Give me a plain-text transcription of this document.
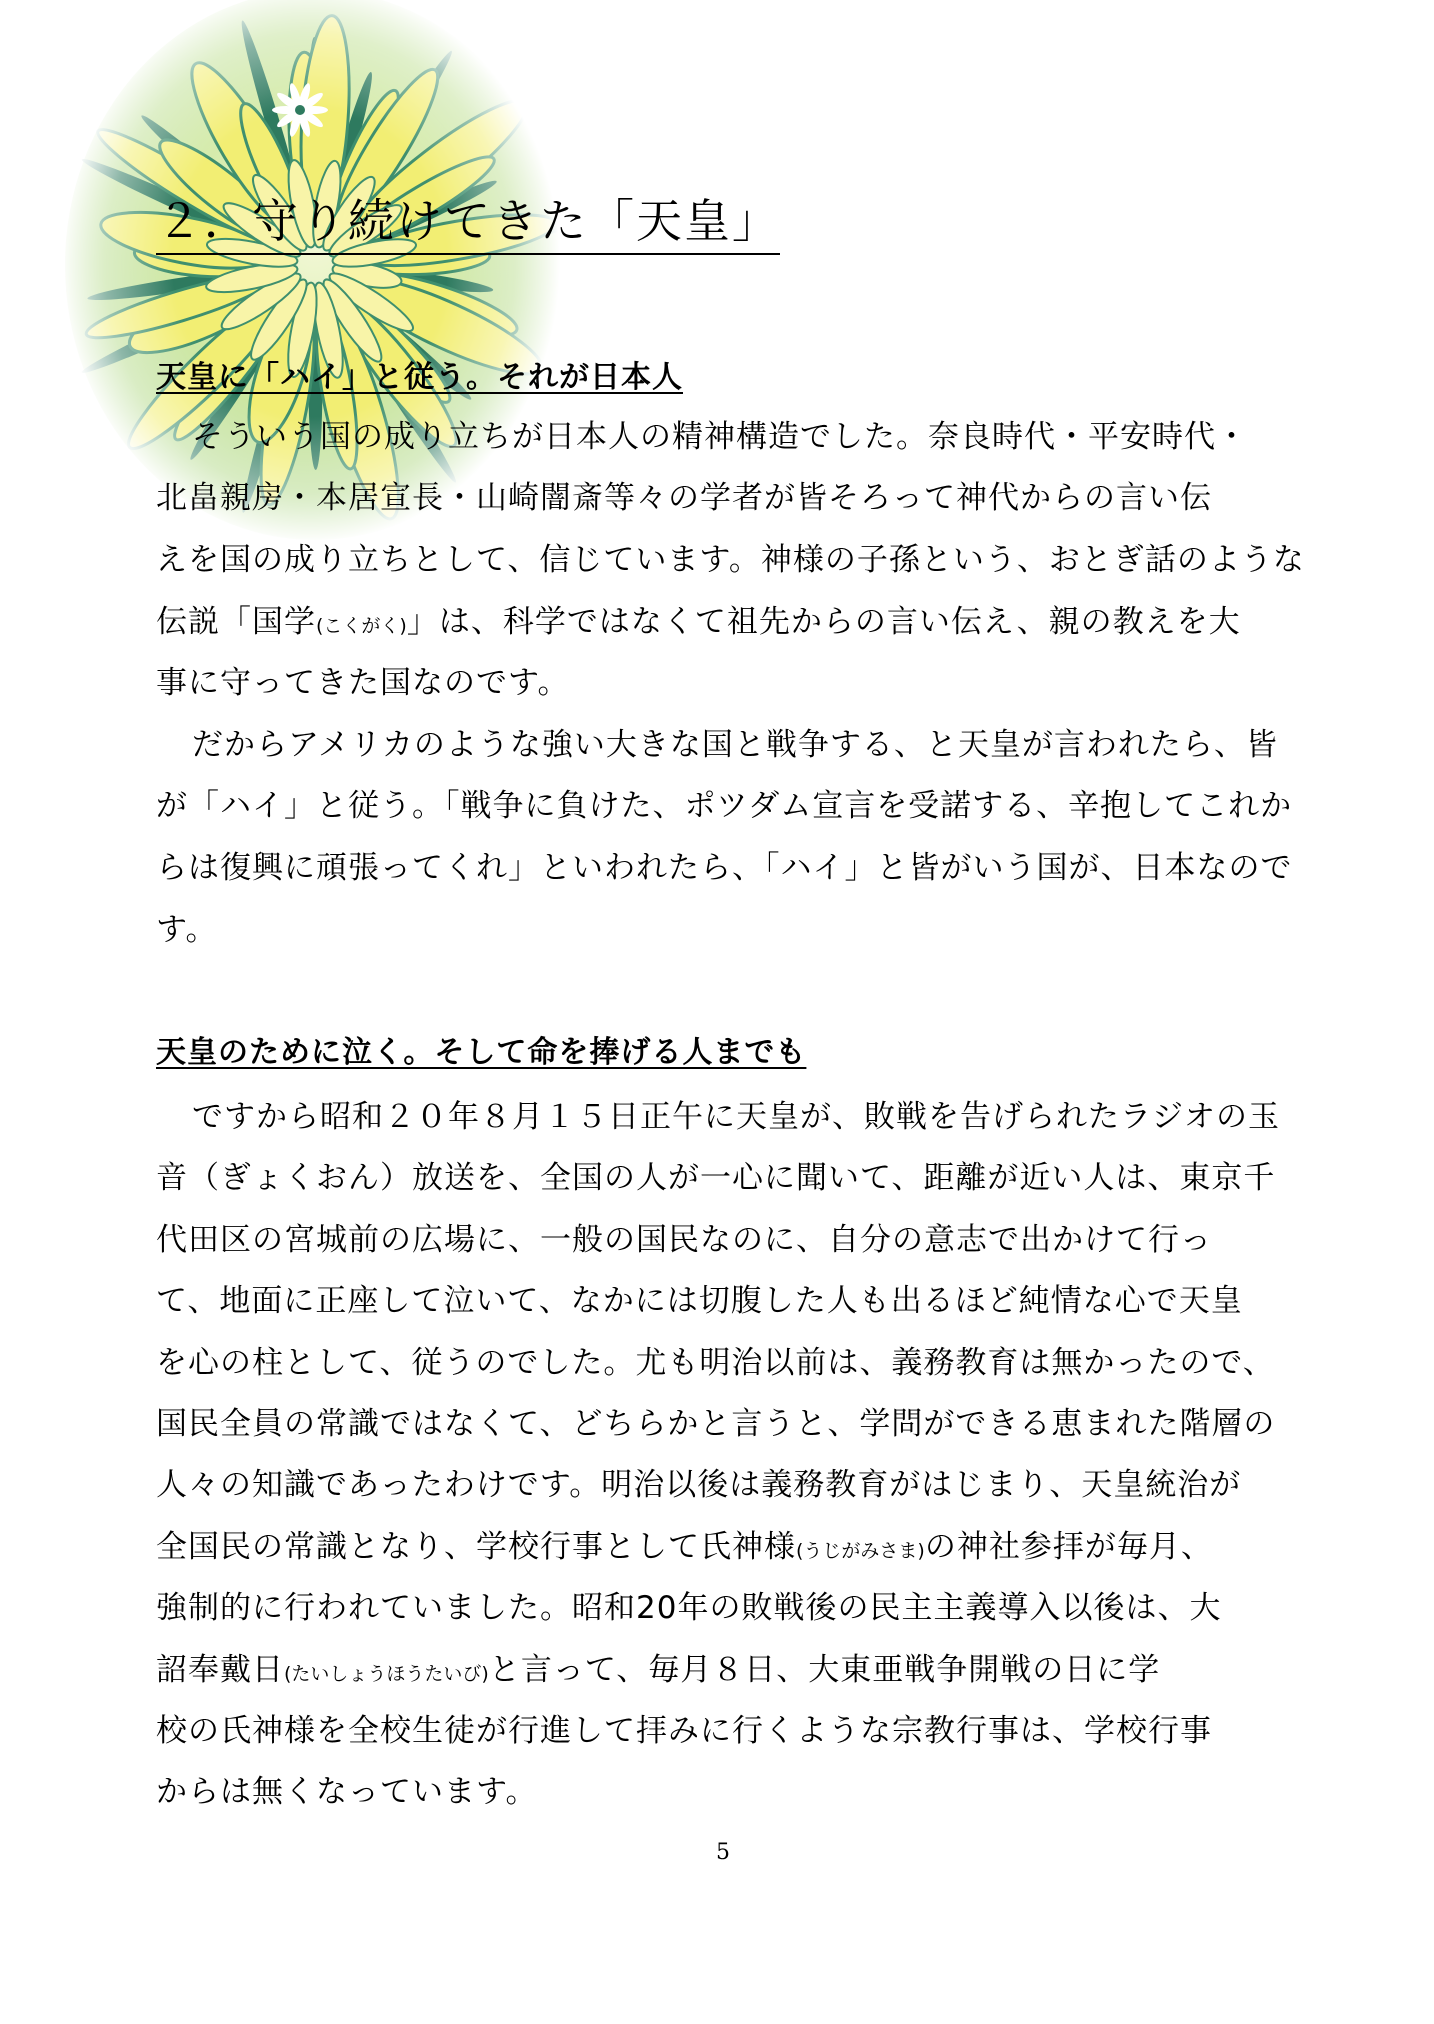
２．守り続けてきた「天皇」
天皇に「ハイ」と従う。それが日本人
そういう国の成り立ちが日本人の精神構造でした。奈良時代・平安時代・
北畠親房・本居宣長・山崎闇斎等々の学者が皆そろって神代からの言い伝
えを国の成り立ちとして、信じています。神様の子孫という、おとぎ話のような
伝説「国学(こくがく)」は、科学ではなくて祖先からの言い伝え、親の教えを大
事に守ってきた国なのです。
だからアメリカのような強い大きな国と戦争する、と天皇が言われたら、皆
が「ハイ」と従う。「戦争に負けた、ポツダム宣言を受諾する、辛抱してこれか
らは復興に頑張ってくれ」といわれたら、「ハイ」と皆がいう国が、日本なので
す。
天皇のために泣く。そして命を捧げる人までも
ですから昭和２０年８月１５日正午に天皇が、敗戦を告げられたラジオの玉
音（ぎょくおん）放送を、全国の人が一心に聞いて、距離が近い人は、東京千
代田区の宮城前の広場に、一般の国民なのに、自分の意志で出かけて行っ
て、地面に正座して泣いて、なかには切腹した人も出るほど純情な心で天皇
を心の柱として、従うのでした。尤も明治以前は、義務教育は無かったので、
国民全員の常識ではなくて、どちらかと言うと、学問ができる恵まれた階層の
人々の知識であったわけです。明治以後は義務教育がはじまり、天皇統治が
全国民の常識となり、学校行事として氏神様(うじがみさま)の神社参拝が毎月、
強制的に行われていました。昭和20年の敗戦後の民主主義導入以後は、大
詔奉戴日(たいしょうほうたいび)と言って、毎月８日、大東亜戦争開戦の日に学
校の氏神様を全校生徒が行進して拝みに行くような宗教行事は、学校行事
からは無くなっています。
5
